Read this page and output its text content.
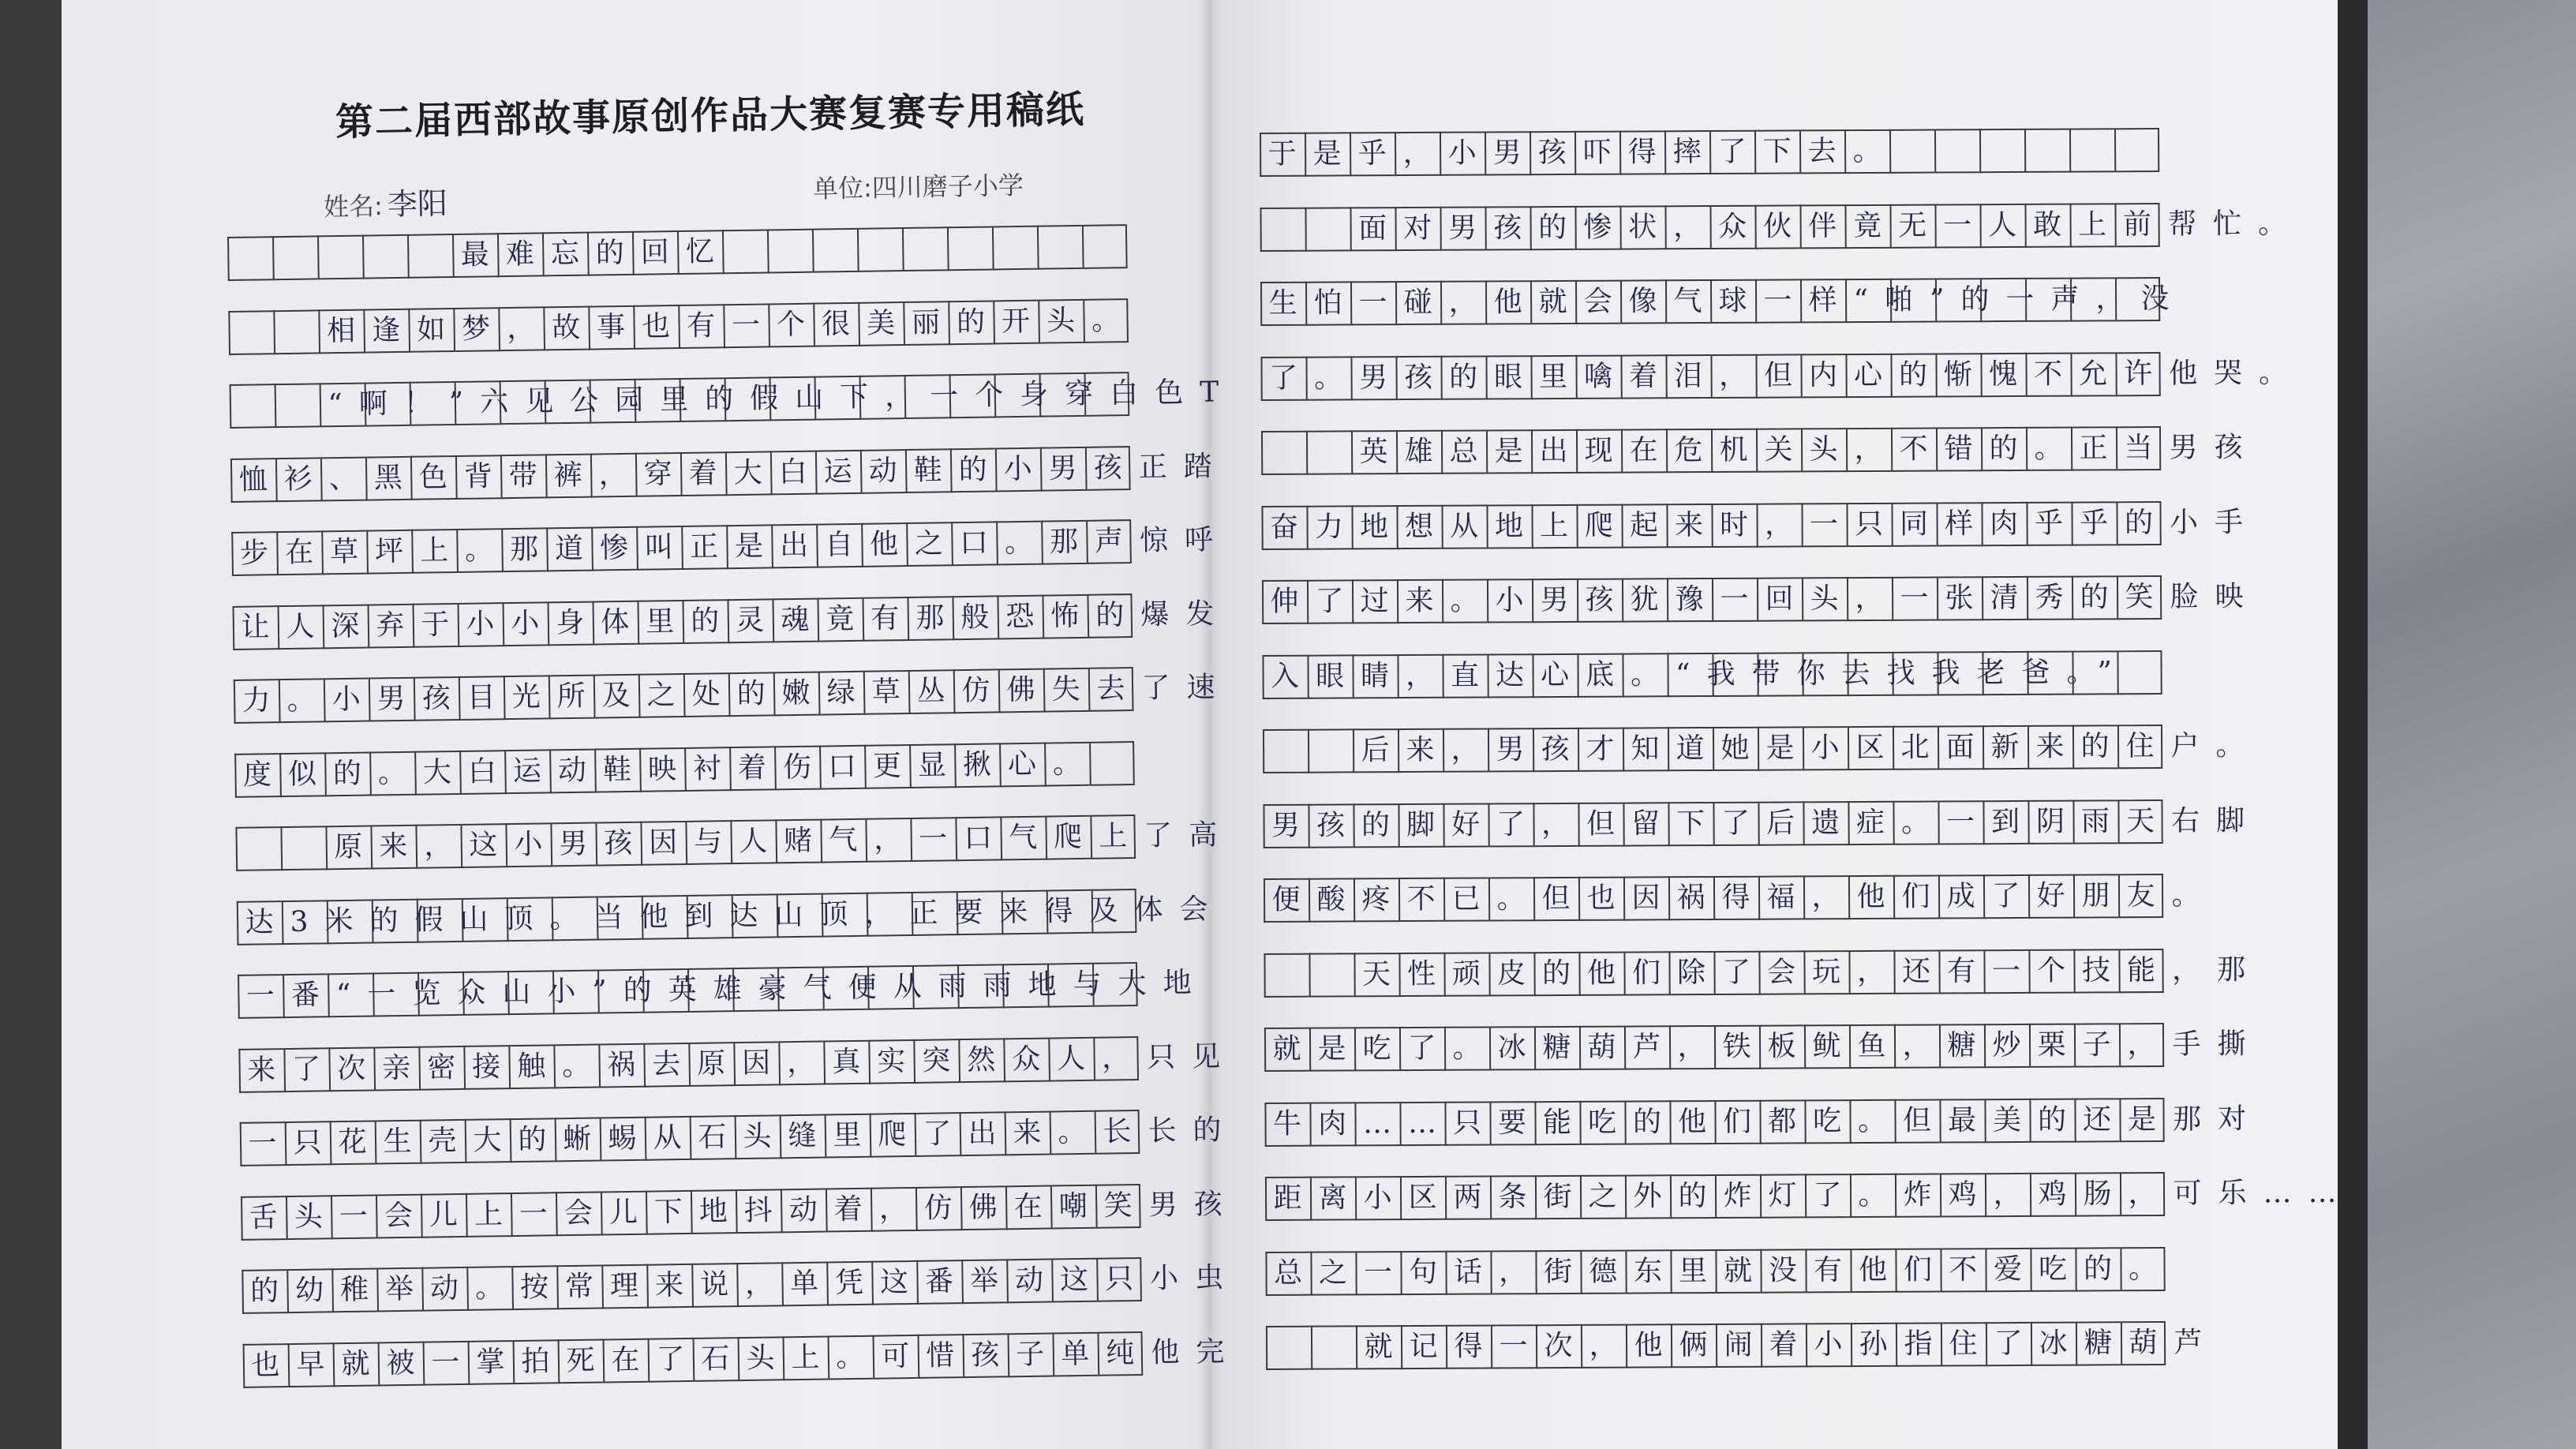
第二届西部故事原创作品大赛复赛专用稿纸
姓名: 李阳	单位:四川磨子小学
　　　　　最难忘的回忆
　　相逢如梦，故事也有一个很美丽的开头。
　　“啊！”六见公园里的假山下，一个身穿白色T
恤衫、黑色背带裤，穿着大白运动鞋的小男孩正踏
步在草坪上。那道惨叫正是出自他之口。那声惊呼
让人深弃于小小身体里的灵魂竟有那般恐怖的爆发
力。小男孩目光所及之处的嫩绿草丛仿佛失去了速
度似的。大白运动鞋映衬着伤口更显揪心。
　　原来，这小男孩因与人赌气，一口气爬上了高
达3米的假山顶。当他到达山顶，正要来得及体会
一番“一览众山小”的英雄豪气便从雨雨地与大地
来了次亲密接触。祸去原因，真实突然众人，只见
一只花生壳大的蜥蜴从石头缝里爬了出来。长长的
舌头一会儿上一会儿下地抖动着，仿佛在嘲笑男孩
的幼稚举动。按常理来说，单凭这番举动这只小虫
也早就被一掌拍死在了石头上。可惜孩子单纯他完
于是乎，小男孩吓得摔了下去。
　　面对男孩的惨状，众伙伴竟无一人敢上前帮忙。
生怕一碰，他就会像气球一样“啪”的一声，没
了。男孩的眼里噙着泪，但内心的惭愧不允许他哭。
　　英雄总是出现在危机关头，不错的。正当男孩
奋力地想从地上爬起来时，一只同样肉乎乎的小手
伸了过来。小男孩犹豫一回头，一张清秀的笑脸映
入眼睛，直达心底。“我带你去找我老爸。”
　　后来，男孩才知道她是小区北面新来的住户。
男孩的脚好了，但留下了后遗症。一到阴雨天右脚
便酸疼不已。但也因祸得福，他们成了好朋友。
　　天性顽皮的他们除了会玩，还有一个技能，那
就是吃了。冰糖葫芦，铁板鱿鱼，糖炒栗子，手撕
牛肉……只要能吃的他们都吃。但最美的还是那对
距离小区两条街之外的炸灯了。炸鸡，鸡肠，可乐……
总之一句话，街德东里就没有他们不爱吃的。
　　就记得一次，他俩闹着小孙指住了冰糖葫芦
